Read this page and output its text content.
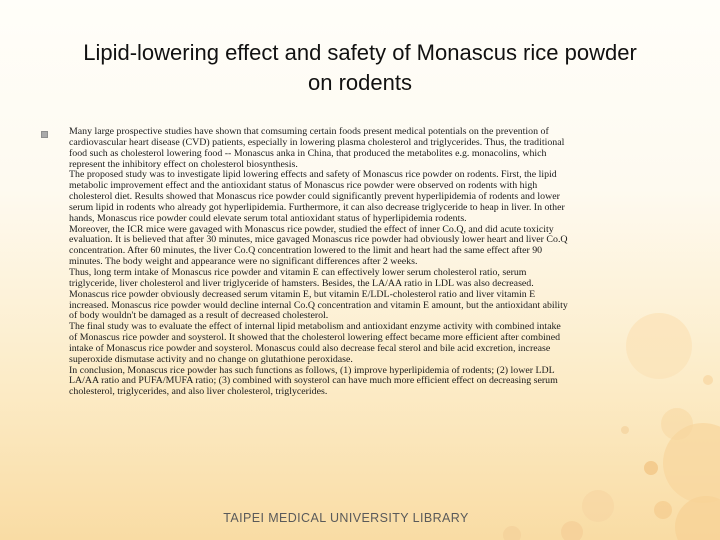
Lipid-lowering effect and safety of Monascus rice powder
on rodents
Many large prospective studies have shown that comsuming certain foods present medical potentials on the prevention of
cardiovascular heart disease (CVD) patients, especially in lowering plasma cholesterol and triglycerides. Thus, the traditional
food such as cholesterol lowering food -- Monascus anka in China, that produced the metabolites e.g. monacolins, which
represent the inhibitory effect on cholesterol biosynthesis.
The proposed study was to investigate lipid lowering effects and safety of Monascus rice powder on rodents. First, the lipid
metabolic improvement effect and the antioxidant status of Monascus rice powder were observed on rodents with high
cholesterol diet. Results showed that Monascus rice powder could significantly prevent hyperlipidemia of rodents and lower
serum lipid in rodents who already got hyperlipidemia. Furthermore, it can also decrease triglyceride to heap in liver. In other
hands, Monascus rice powder could elevate serum total antioxidant status of hyperlipidemia rodents.
Moreover, the ICR mice were gavaged with Monascus rice powder, studied the effect of inner Co.Q, and did acute toxicity
evaluation. It is believed that after 30 minutes, mice gavaged Monascus rice powder had obviously lower heart and liver Co.Q
concentration. After 60 minutes, the liver Co.Q concentration lowered to the limit and heart had the same effect after 90
minutes. The body weight and appearance were no significant differences after 2 weeks.
Thus, long term intake of Monascus rice powder and vitamin E can effectively lower serum cholesterol ratio, serum
triglyceride, liver cholesterol and liver triglyceride of hamsters. Besides, the LA/AA ratio in LDL was also decreased.
Monascus rice powder obviously decreased serum vitamin E, but vitamin E/LDL-cholesterol ratio and liver vitamin E
increased. Monascus rice powder would decline internal Co.Q concentration and vitamin E amount, but the antioxidant ability
of body wouldn't be damaged as a result of decreased cholesterol.
The final study was to evaluate the effect of internal lipid metabolism and antioxidant enzyme activity with combined intake
of Monascus rice powder and soysterol. It showed that the cholesterol lowering effect became more efficient after combined
intake of Monascus rice powder and soysterol. Monascus could also decrease fecal sterol and bile acid excretion, increase
superoxide dismutase activity and no change on glutathione peroxidase.
In conclusion, Monascus rice powder has such functions as follows, (1) improve hyperlipidemia of rodents; (2) lower LDL
LA/AA ratio and PUFA/MUFA ratio; (3) combined with soysterol can have much more efficient effect on decreasing serum
cholesterol, triglycerides, and also liver cholesterol, triglycerides.
TAIPEI MEDICAL UNIVERSITY LIBRARY
